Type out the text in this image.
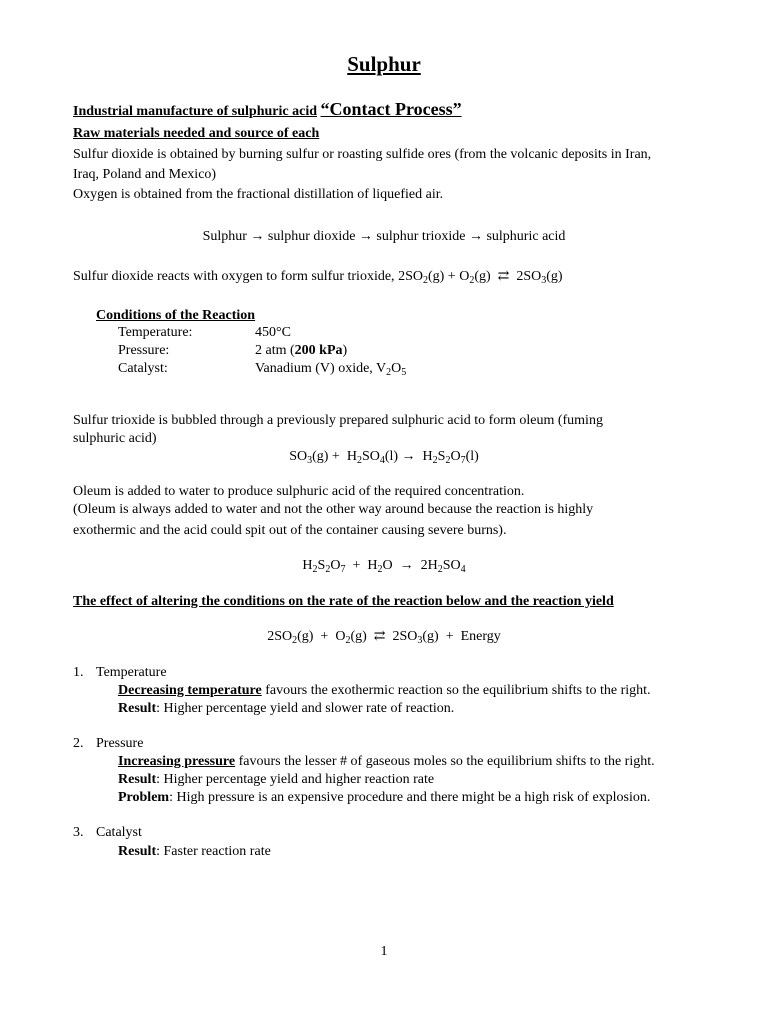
Sulphur
Industrial manufacture of sulphuric acid “Contact Process”
Raw materials needed and source of each
Sulfur dioxide is obtained by burning sulfur or roasting sulfide ores (from the volcanic deposits in Iran,
Iraq, Poland and Mexico)
Oxygen is obtained from the fractional distillation of liquefied air.
Sulphur → sulphur dioxide → sulphur trioxide → sulphuric acid
Sulfur dioxide reacts with oxygen to form sulfur trioxide, $2SO_2(g) + O_2(g)$  ⇄  $2SO_3(g)$
Conditions of the Reaction
Temperature:	450°C
Pressure:	2 atm (200 kPa)
Catalyst:	Vanadium (V) oxide, $V_2O_5$
Sulfur trioxide is bubbled through a previously prepared sulphuric acid to form oleum (fuming
sulphuric acid)
$SO_3(g) + H_2SO_4(l) \to H_2S_2O_7(l)$
Oleum is added to water to produce sulphuric acid of the required concentration.
(Oleum is always added to water and not the other way around because the reaction is highly
exothermic and the acid could spit out of the container causing severe burns).
$H_2S_2O_7 + H_2O \to 2H_2SO_4$
The effect of altering the conditions on the rate of the reaction below and the reaction yield
$2SO_2(g) + O_2(g)$  ⇄  $2SO_3(g)$  +  Energy
1. Temperature
Decreasing temperature favours the exothermic reaction so the equilibrium shifts to the right.
Result: Higher percentage yield and slower rate of reaction.
2. Pressure
Increasing pressure favours the lesser # of gaseous moles so the equilibrium shifts to the right.
Result: Higher percentage yield and higher reaction rate
Problem: High pressure is an expensive procedure and there might be a high risk of explosion.
3. Catalyst
Result: Faster reaction rate
1
